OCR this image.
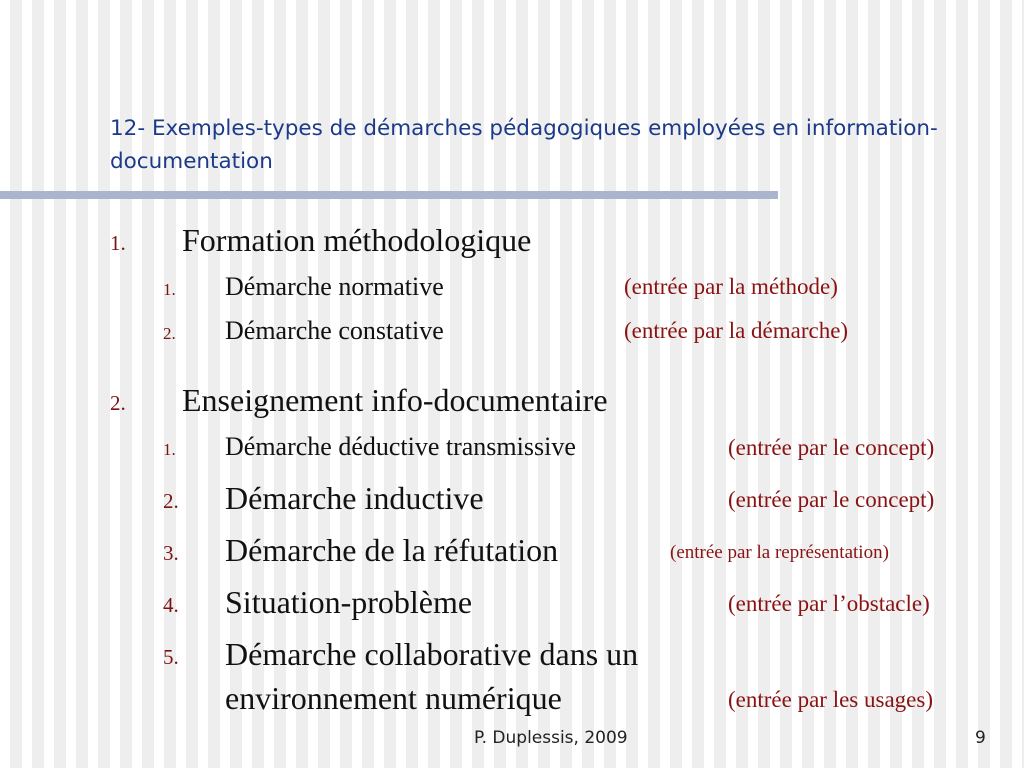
12- Exemples-types de démarches pédagogiques employées en information-documentation
1. Formation méthodologique
1. Démarche normative	(entrée par la méthode)
2. Démarche constative	(entrée par la démarche)
2. Enseignement info-documentaire
1. Démarche déductive transmissive	(entrée par le concept)
2. Démarche inductive	(entrée par le concept)
3. Démarche de la réfutation	(entrée par la représentation)
4. Situation-problème	(entrée par l’obstacle)
5. Démarche collaborative dans un
environnement numérique	(entrée par les usages)
P. Duplessis, 2009	9
